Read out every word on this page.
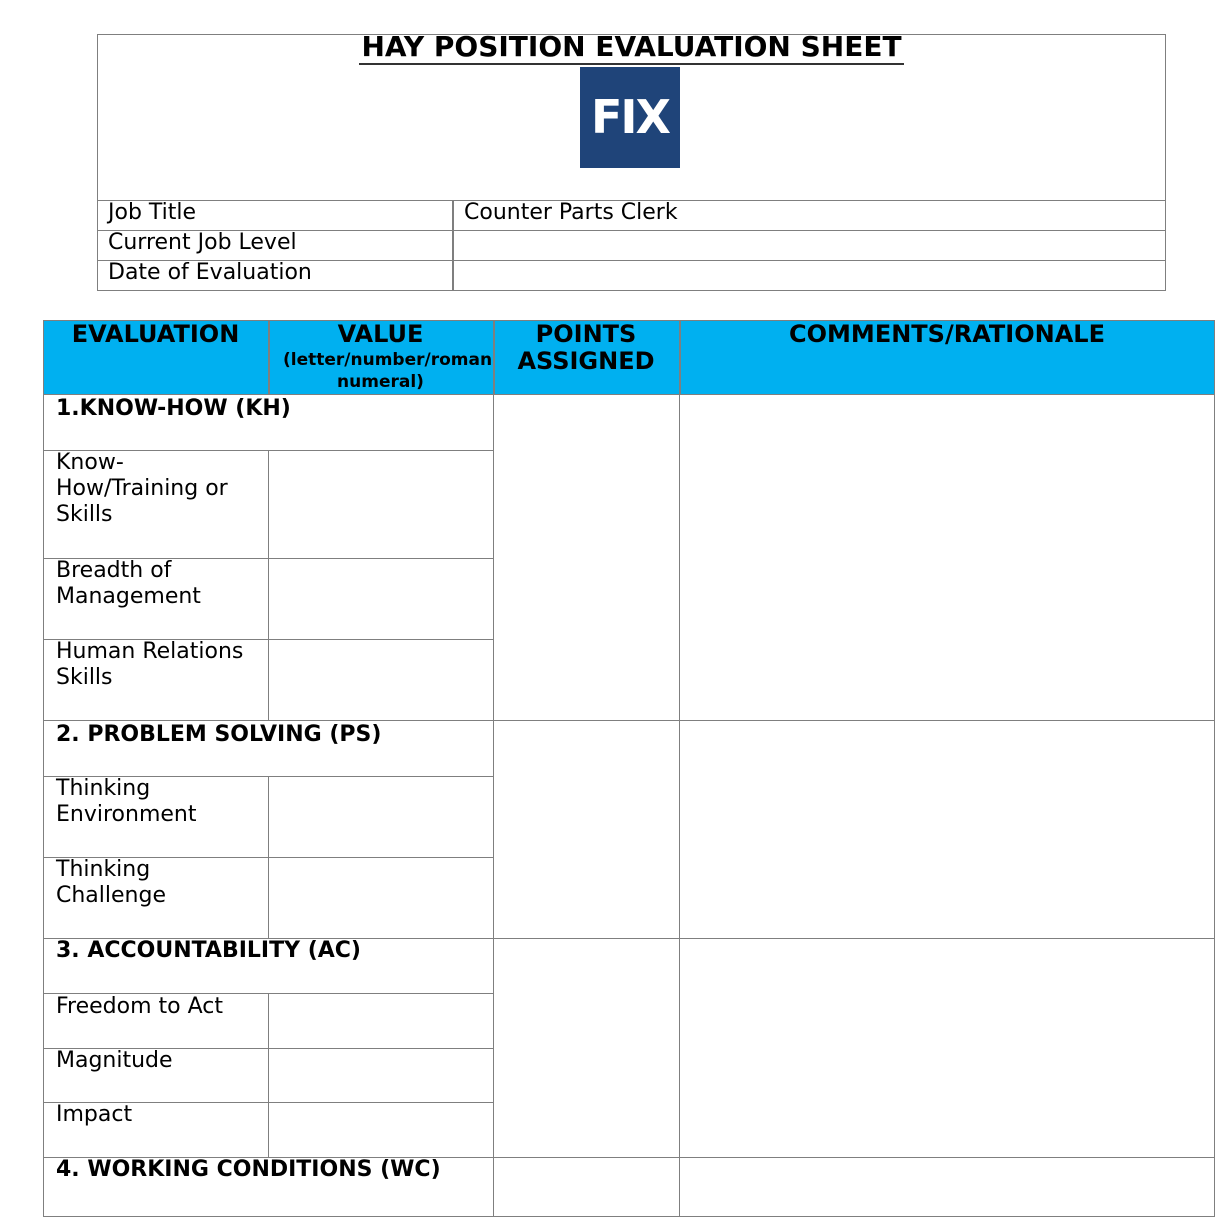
HAY POSITION EVALUATION SHEET
FIX
Job Title	Counter Parts Clerk
Current Job Level
Date of Evaluation
EVALUATION	VALUE
(letter/number/roman numeral)
POINTS ASSIGNED
COMMENTS/RATIONALE
1.KNOW-HOW (KH)
2. PROBLEM SOLVING (PS)
3. ACCOUNTABILITY (AC)
4. WORKING CONDITIONS (WC)
Know-How/Training or Skills
Breadth of Management
Human Relations Skills
Thinking Environment
Thinking Challenge
Freedom to Act
Magnitude
Impact
